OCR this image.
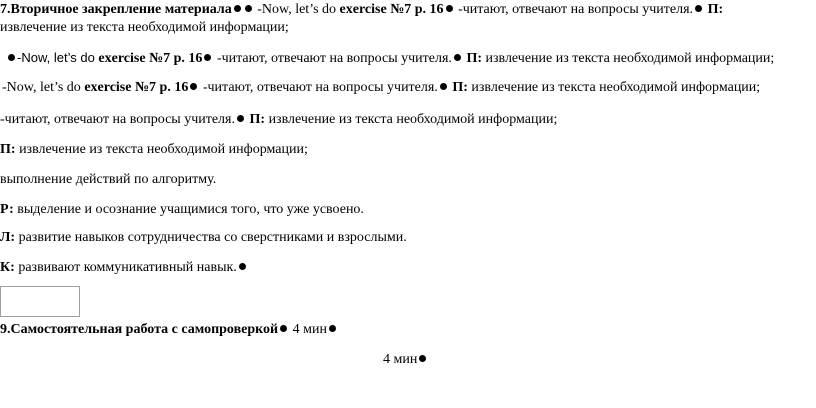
7.Вторичное закрепление материала -Now, let’s do exercise №7 р. 16 -читают, отвечают на вопросы учителя. П:
извлечение из текста необходимой информации;
-Now, let’s do exercise №7 р. 16 -читают, отвечают на вопросы учителя. П: извлечение из текста необходимой информации;
-Now, let’s do exercise №7 р. 16 -читают, отвечают на вопросы учителя. П: извлечение из текста необходимой информации;
-читают, отвечают на вопросы учителя. П: извлечение из текста необходимой информации;
П: извлечение из текста необходимой информации;
выполнение действий по алгоритму.
Р: выделение и осознание учащимися того, что уже усвоено.
Л: развитие навыков сотрудничества со сверстниками и взрослыми.
К: развивают коммуникативный навык.
9.Самостоятельная работа с самопроверкой 4 мин
4 мин
